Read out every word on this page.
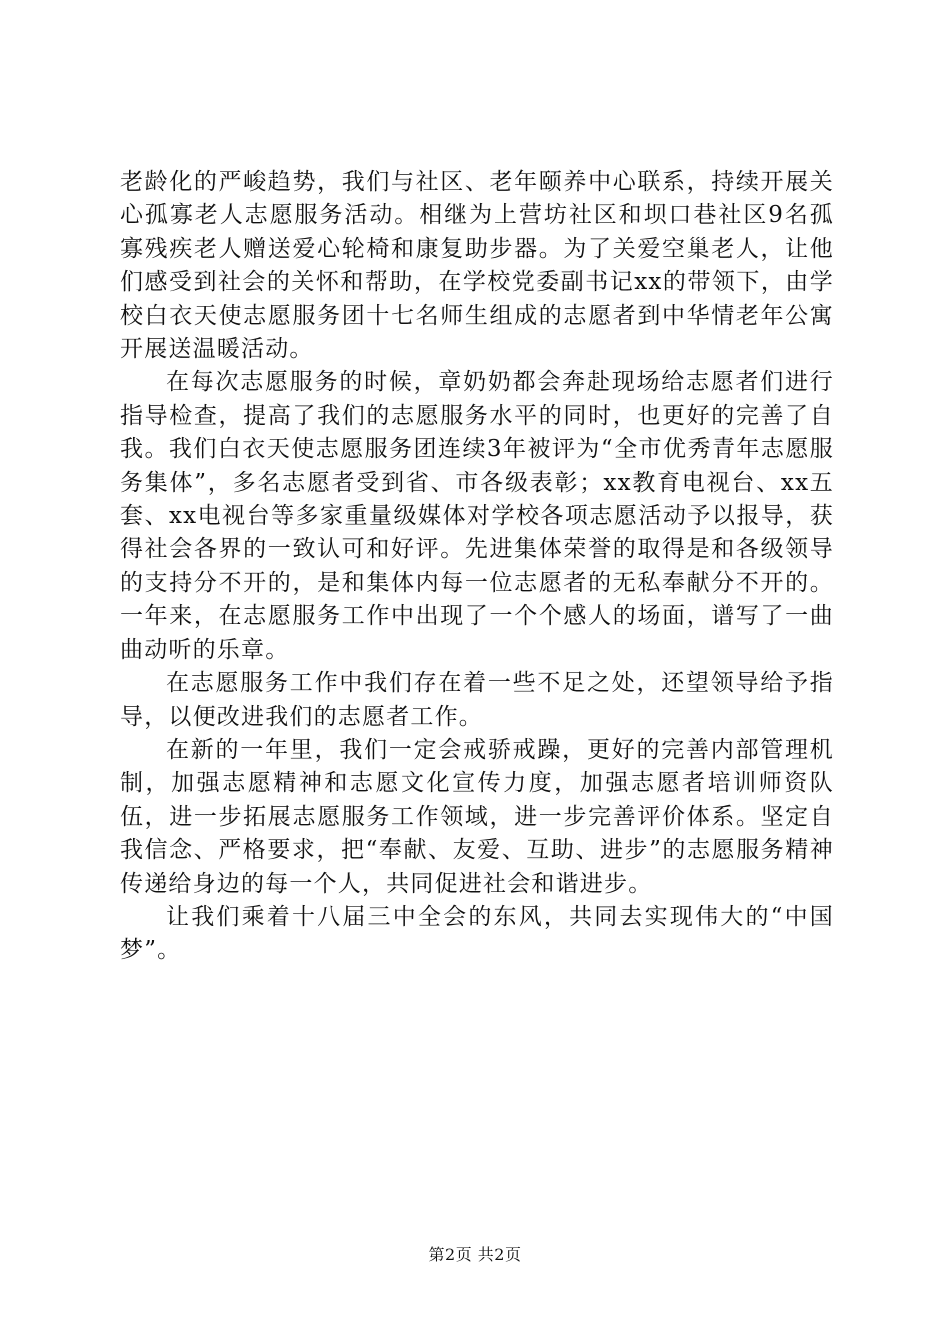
老龄化的严峻趋势，我们与社区、老年颐养中心联系，持续开展关心孤寡老人志愿服务活动。相继为上营坊社区和坝口巷社区9名孤寡残疾老人赠送爱心轮椅和康复助步器。为了关爱空巢老人，让他们感受到社会的关怀和帮助，在学校党委副书记xx的带领下，由学校白衣天使志愿服务团十七名师生组成的志愿者到中华情老年公寓开展送温暖活动。

在每次志愿服务的时候，章奶奶都会奔赴现场给志愿者们进行指导检查，提高了我们的志愿服务水平的同时，也更好的完善了自我。我们白衣天使志愿服务团连续3年被评为“全市优秀青年志愿服务集体”，多名志愿者受到省、市各级表彰；xx教育电视台、xx五套、xx电视台等多家重量级媒体对学校各项志愿活动予以报导，获得社会各界的一致认可和好评。先进集体荣誉的取得是和各级领导的支持分不开的，是和集体内每一位志愿者的无私奉献分不开的。一年来，在志愿服务工作中出现了一个个感人的场面，谱写了一曲曲动听的乐章。

在志愿服务工作中我们存在着一些不足之处，还望领导给予指导，以便改进我们的志愿者工作。

在新的一年里，我们一定会戒骄戒躁，更好的完善内部管理机制，加强志愿精神和志愿文化宣传力度，加强志愿者培训师资队伍，进一步拓展志愿服务工作领域，进一步完善评价体系。坚定自我信念、严格要求，把“奉献、友爱、互助、进步”的志愿服务精神传递给身边的每一个人，共同促进社会和谐进步。

让我们乘着十八届三中全会的东风，共同去实现伟大的“中国梦”。

第2页 共2页
